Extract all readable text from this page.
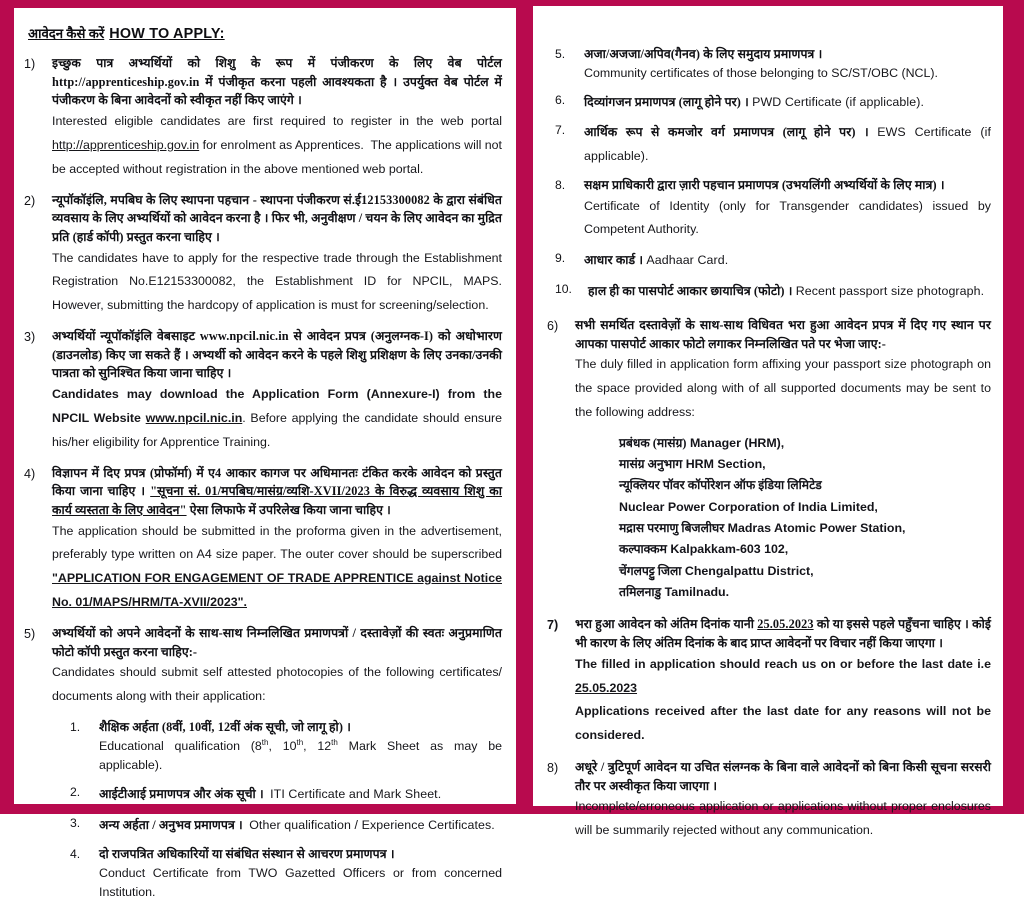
आवेदन कैसे करें HOW TO APPLY:
1)	इच्छुक पात्र अभ्यर्थियों को शिशु के रूप में पंजीकरण के लिए वेब पोर्टल http://apprenticeship.gov.in में पंजीकृत करना पहली आवश्यकता है । उपर्युक्त वेब पोर्टल में पंजीकरण के बिना आवेदनों को स्वीकृत नहीं किए जाएंगे ।
Interested eligible candidates are first required to register in the web portal http://apprenticeship.gov.in for enrolment as Apprentices.  The applications will not be accepted without registration in the above mentioned web portal.
2)	न्यूपॉकॉइंलि, मपबिघ के लिए स्थापना पहचान - स्थापना पंजीकरण सं.ई12153300082 के द्वारा संबंधित व्यवसाय के लिए अभ्यर्थियों को आवेदन करना है । फिर भी, अनुवीक्षण / चयन के लिए आवेदन का मुद्रित प्रति (हार्ड कॉपी) प्रस्तुत करना चाहिए ।
The candidates have to apply for the respective trade through the Establishment Registration No.E12153300082, the Establishment ID for NPCIL, MAPS. However, submitting the hardcopy of application is must for screening/selection.
3)	अभ्यर्थियों न्यूपॉकॉइंलि वेबसाइट www.npcil.nic.in से आवेदन प्रपत्र (अनुलग्नक-I) को अधोभारण (डाउनलोड) किए जा सकते हैं । अभ्यर्थी को आवेदन करने के पहले शिशु प्रशिक्षण के लिए उनका/उनकी पात्रता को सुनिश्चित किया जाना चाहिए ।
Candidates may download the Application Form (Annexure-I) from the NPCIL Website www.npcil.nic.in. Before applying the candidate should ensure his/her eligibility for Apprentice Training.
4)	विज्ञापन में दिए प्रपत्र (प्रोफॉर्मा) में ए4 आकार कागज पर अधिमानतः टंकित करके आवेदन को प्रस्तुत किया जाना चाहिए । "सूचना सं. 01/मपबिघ/मासंग्र/व्यशि-XVII/2023 के विरुद्ध व्यवसाय शिशु का कार्य व्यस्तता के लिए आवेदन" ऐसा लिफाफे में उपरिलेख किया जाना चाहिए ।
The application should be submitted in the proforma given in the advertisement, preferably type written on A4 size paper. The outer cover should be superscribed "APPLICATION FOR ENGAGEMENT OF TRADE APPRENTICE against Notice No. 01/MAPS/HRM/TA-XVII/2023".
5)	अभ्यर्थियों को अपने आवेदनों के साथ-साथ निम्नलिखित प्रमाणपत्रों / दस्तावेज़ों की स्वतः अनुप्रमाणित फोटो कॉपी प्रस्तुत करना चाहिए:-
Candidates should submit self attested photocopies of the following certificates/ documents along with their application:
1.	शैक्षिक अर्हता (8वीं, 10वीं, 12वीं अंक सूची, जो लागू हो) ।
Educational qualification (8th, 10th, 12th Mark Sheet as may be applicable).
2.	आईटीआई प्रमाणपत्र और अंक सूची । ITI Certificate and Mark Sheet.
3.	अन्य अर्हता / अनुभव प्रमाणपत्र । Other qualification / Experience Certificates.
4.	दो राजपत्रित अधिकारियों या संबंधित संस्थान से आचरण प्रमाणपत्र ।
Conduct Certificate from TWO Gazetted Officers or from concerned Institution.
5.	अजा/अजजा/अपिव(गैनव) के लिए समुदाय प्रमाणपत्र ।
Community certificates of those belonging to SC/ST/OBC (NCL).
6.	दिव्यांगजन प्रमाणपत्र (लागू होने पर) । PWD Certificate (if applicable).
7.	आर्थिक रूप से कमजोर वर्ग प्रमाणपत्र (लागू होने पर) । EWS Certificate (if applicable).
8.	सक्षम प्राधिकारी द्वारा ज़ारी पहचान प्रमाणपत्र (उभयलिंगी अभ्यर्थियों के लिए मात्र) ।
Certificate of Identity (only for Transgender candidates) issued by Competent Authority.
9.	आधार कार्ड । Aadhaar Card.
10.	हाल ही का पासपोर्ट आकार छायाचित्र (फोटो) । Recent passport size photograph.
6)	सभी समर्थित दस्तावेज़ों के साथ-साथ विधिवत भरा हुआ आवेदन प्रपत्र में दिए गए स्थान पर आपका पासपोर्ट आकार फोटो लगाकर निम्नलिखित पते पर भेजा जाए:-
The duly filled in application form affixing your passport size photograph on the space provided along with of all supported documents may be sent to the following address:
प्रबंधक (मासंग्र) Manager (HRM),
मासंग्र अनुभाग HRM Section,
न्यूक्लियर पॉवर कॉर्पोरेशन ऑफ इंडिया लिमिटेड
Nuclear Power Corporation of India Limited,
मद्रास परमाणु बिजलीघर Madras Atomic Power Station,
कल्पाक्कम Kalpakkam-603 102,
चेंगलपट्टु जिला Chengalpattu District,
तमिलनाडु Tamilnadu.
7)	भरा हुआ आवेदन को अंतिम दिनांक यानी 25.05.2023 को या इससे पहले पहुँचना चाहिए । कोई भी कारण के लिए अंतिम दिनांक के बाद प्राप्त आवेदनों पर विचार नहीं किया जाएगा ।
The filled in application should reach us on or before the last date i.e 25.05.2023
Applications received after the last date for any reasons will not be considered.
8)	अधूरे / त्रुटिपूर्ण आवेदन या उचित संलग्नक के बिना वाले आवेदनों को बिना किसी सूचना सरसरी तौर पर अस्वीकृत किया जाएगा ।
Incomplete/erroneous application or applications without proper enclosures will be summarily rejected without any communication.
